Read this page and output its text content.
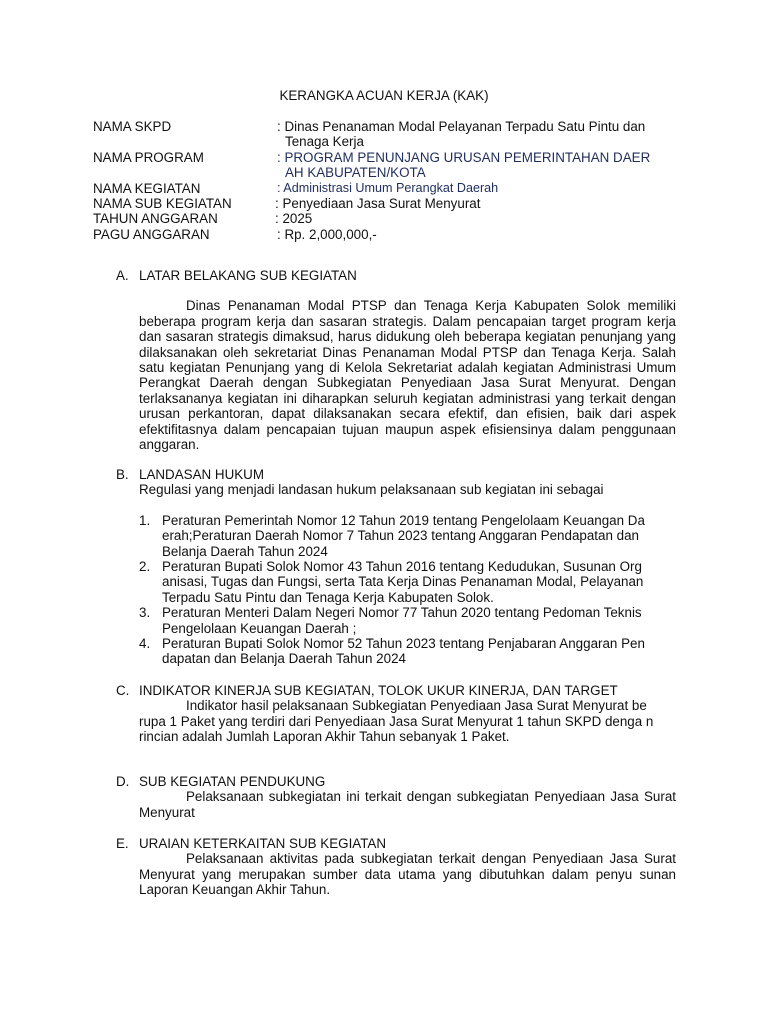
KERANGKA ACUAN KERJA (KAK)
NAMA SKPD	: Dinas Penanaman Modal Pelayanan Terpadu Satu Pintu dan
Tenaga Kerja
NAMA PROGRAM	: PROGRAM PENUNJANG URUSAN PEMERINTAHAN DAER
AH KABUPATEN/KOTA
NAMA KEGIATAN	: Administrasi Umum Perangkat Daerah
NAMA SUB KEGIATAN	: Penyediaan Jasa Surat Menyurat
TAHUN ANGGARAN	: 2025
PAGU ANGGARAN	: Rp. 2,000,000,-
A. LATAR BELAKANG SUB KEGIATAN
Dinas Penanaman Modal PTSP dan Tenaga Kerja Kabupaten Solok memiliki beberapa program kerja dan sasaran strategis. Dalam pencapaian target program kerja dan sasaran strategis dimaksud, harus didukung oleh beberapa kegiatan penunjang yang dilaksanakan oleh sekretariat Dinas Penanaman Modal PTSP dan Tenaga Kerja. Salah satu kegiatan Penunjang yang di Kelola Sekretariat adalah kegiatan Administrasi Umum Perangkat Daerah dengan Subkegiatan Penyediaan Jasa Surat Menyurat. Dengan terlaksananya kegiatan ini diharapkan seluruh kegiatan administrasi yang terkait dengan urusan perkantoran, dapat dilaksanakan secara efektif, dan efisien, baik dari aspek efektifitasnya dalam pencapaian tujuan maupun aspek efisiensinya dalam penggunaan anggaran.
B. LANDASAN HUKUM
Regulasi yang menjadi landasan hukum pelaksanaan sub kegiatan ini sebagai
1. Peraturan Pemerintah Nomor 12 Tahun 2019 tentang Pengelolaam Keuangan Da erah;Peraturan Daerah Nomor 7 Tahun 2023 tentang Anggaran Pendapatan dan Belanja Daerah Tahun 2024
2. Peraturan Bupati Solok Nomor 43 Tahun 2016 tentang Kedudukan, Susunan Org anisasi, Tugas dan Fungsi, serta Tata Kerja Dinas Penanaman Modal, Pelayanan Terpadu Satu Pintu dan Tenaga Kerja Kabupaten Solok.
3. Peraturan Menteri Dalam Negeri Nomor 77 Tahun 2020 tentang Pedoman Teknis Pengelolaan Keuangan Daerah ;
4. Peraturan Bupati Solok Nomor 52 Tahun 2023 tentang Penjabaran Anggaran Pen dapatan dan Belanja Daerah Tahun 2024
C. INDIKATOR KINERJA SUB KEGIATAN, TOLOK UKUR KINERJA, DAN TARGET
Indikator hasil pelaksanaan Subkegiatan Penyediaan Jasa Surat Menyurat be rupa 1 Paket yang terdiri dari Penyediaan Jasa Surat Menyurat 1 tahun SKPD denga n rincian adalah Jumlah Laporan Akhir Tahun sebanyak 1 Paket.
D. SUB KEGIATAN PENDUKUNG
Pelaksanaan subkegiatan ini terkait dengan subkegiatan Penyediaan Jasa Surat Menyurat
E. URAIAN KETERKAITAN SUB KEGIATAN
Pelaksanaan aktivitas pada subkegiatan terkait dengan Penyediaan Jasa Surat Menyurat yang merupakan sumber data utama yang dibutuhkan dalam penyu sunan Laporan Keuangan Akhir Tahun.
